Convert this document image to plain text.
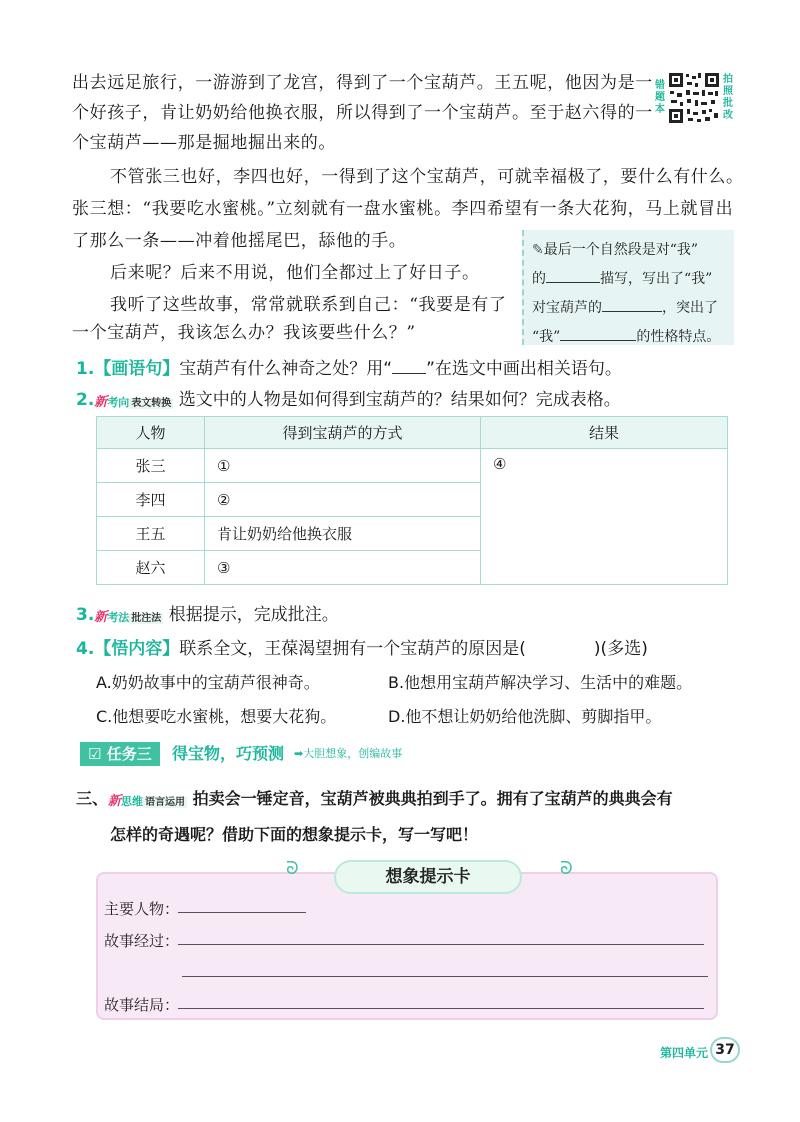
出去远足旅行，一游游到了龙宫，得到了一个宝葫芦。王五呢，他因为是一
个好孩子，肯让奶奶给他换衣服，所以得到了一个宝葫芦。至于赵六得的一
个宝葫芦——那是掘地掘出来的。
不管张三也好，李四也好，一得到了这个宝葫芦，可就幸福极了，要什么有什么。
张三想：“我要吃水蜜桃。”立刻就有一盘水蜜桃。李四希望有一条大花狗，马上就冒出
了那么一条——冲着他摇尾巴，舔他的手。
后来呢？后来不用说，他们全都过上了好日子。
我听了这些故事，常常就联系到自己：“我要是有了
一个宝葫芦，我该怎么办？我该要些什么？”
错题本
拍照批改
✎最后一个自然段是对“我”
的	描写，写出了“我”
对宝葫芦的	，突出了
“我”	的性格特点。
1.【画语句】宝葫芦有什么神奇之处？用“ ”在选文中画出相关语句。
2.新考向 表文转换 选文中的人物是如何得到宝葫芦的？结果如何？完成表格。
人物	得到宝葫芦的方式	结果
张三	①	④
李四	②	
王五	肯让奶奶给他换衣服	
赵六	③	
3.新考法 批注法 根据提示，完成批注。
4.【悟内容】联系全文，王葆渴望拥有一个宝葫芦的原因是(　　　　)(多选)
A.奶奶故事中的宝葫芦很神奇。	B.他想用宝葫芦解决学习、生活中的难题。
C.他想要吃水蜜桃，想要大花狗。	D.他不想让奶奶给他洗脚、剪脚指甲。
☑ 任务三	得宝物，巧预测 ➡大胆想象，创编故事
三、新思维 语言运用 拍卖会一锤定音，宝葫芦被典典拍到手了。拥有了宝葫芦的典典会有
怎样的奇遇呢？借助下面的想象提示卡，写一写吧！
ᘐ	ᘐ
想象提示卡
主要人物：
故事经过：
故事结局：
第四单元 37
